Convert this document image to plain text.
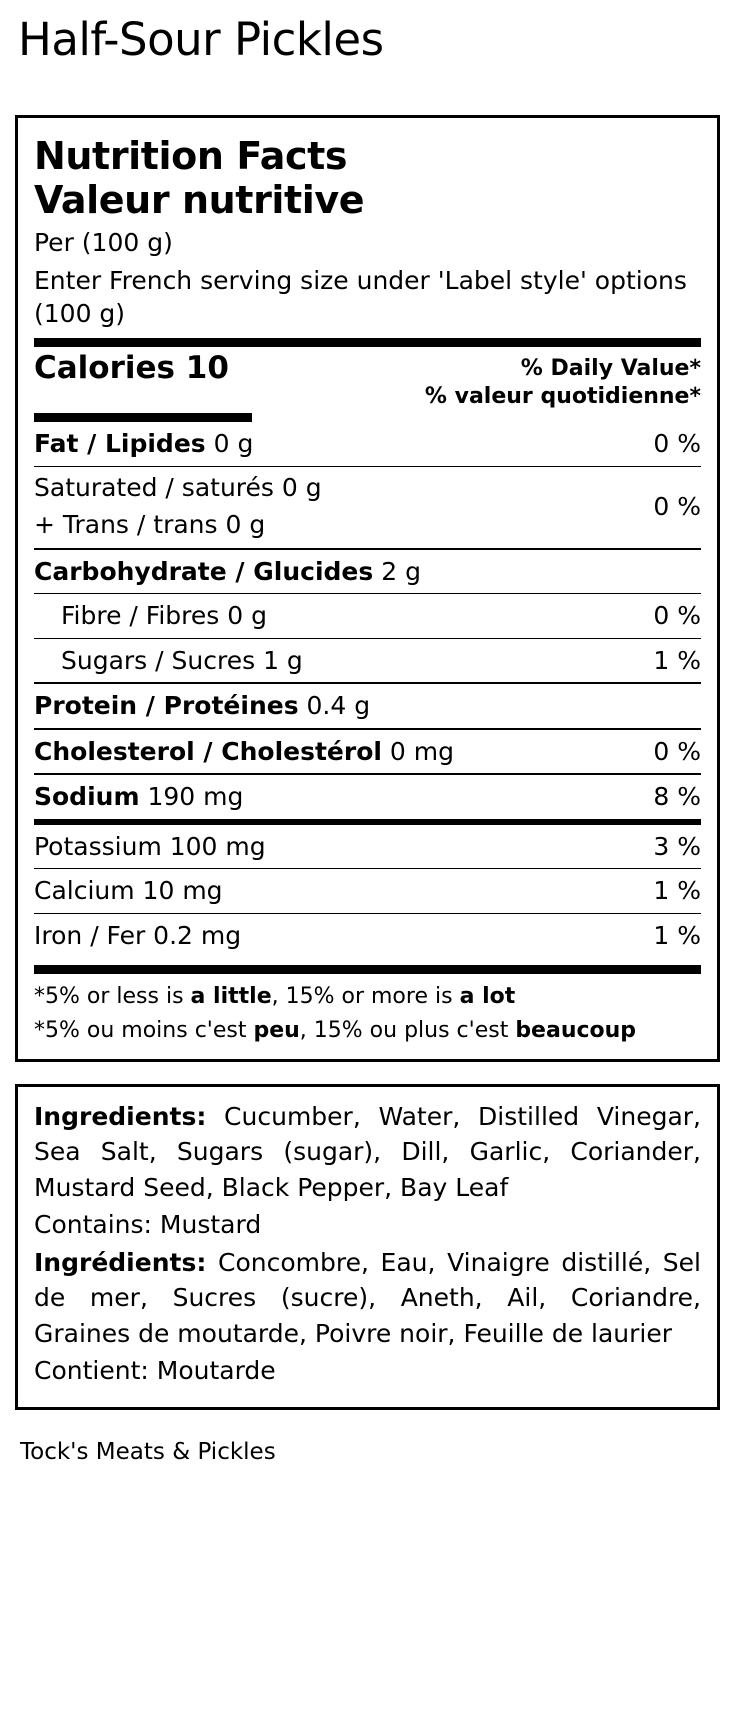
Half-Sour Pickles
Nutrition Facts
Valeur nutritive
Per (100 g)
Enter French serving size under 'Label style' options (100 g)
Calories 10	% Daily Value*
% valeur quotidienne*
Fat / Lipides 0 g	0 %
Saturated / saturés 0 g
+ Trans / trans 0 g
0 %
Carbohydrate / Glucides 2 g
Fibre / Fibres 0 g	0 %
Sugars / Sucres 1 g	1 %
Protein / Protéines 0.4 g
Cholesterol / Cholestérol 0 mg	0 %
Sodium 190 mg	8 %
Potassium 100 mg	3 %
Calcium 10 mg	1 %
Iron / Fer 0.2 mg	1 %
*5% or less is a little, 15% or more is a lot
*5% ou moins c'est peu, 15% ou plus c'est beaucoup

Ingredients: Cucumber, Water, Distilled Vinegar, Sea Salt, Sugars (sugar), Dill, Garlic, Coriander, Mustard Seed, Black Pepper, Bay Leaf

Contains: Mustard

Ingrédients: Concombre, Eau, Vinaigre distillé, Sel de mer, Sucres (sucre), Aneth, Ail, Coriandre, Graines de moutarde, Poivre noir, Feuille de laurier

Contient: Moutarde

Tock's Meats & Pickles
